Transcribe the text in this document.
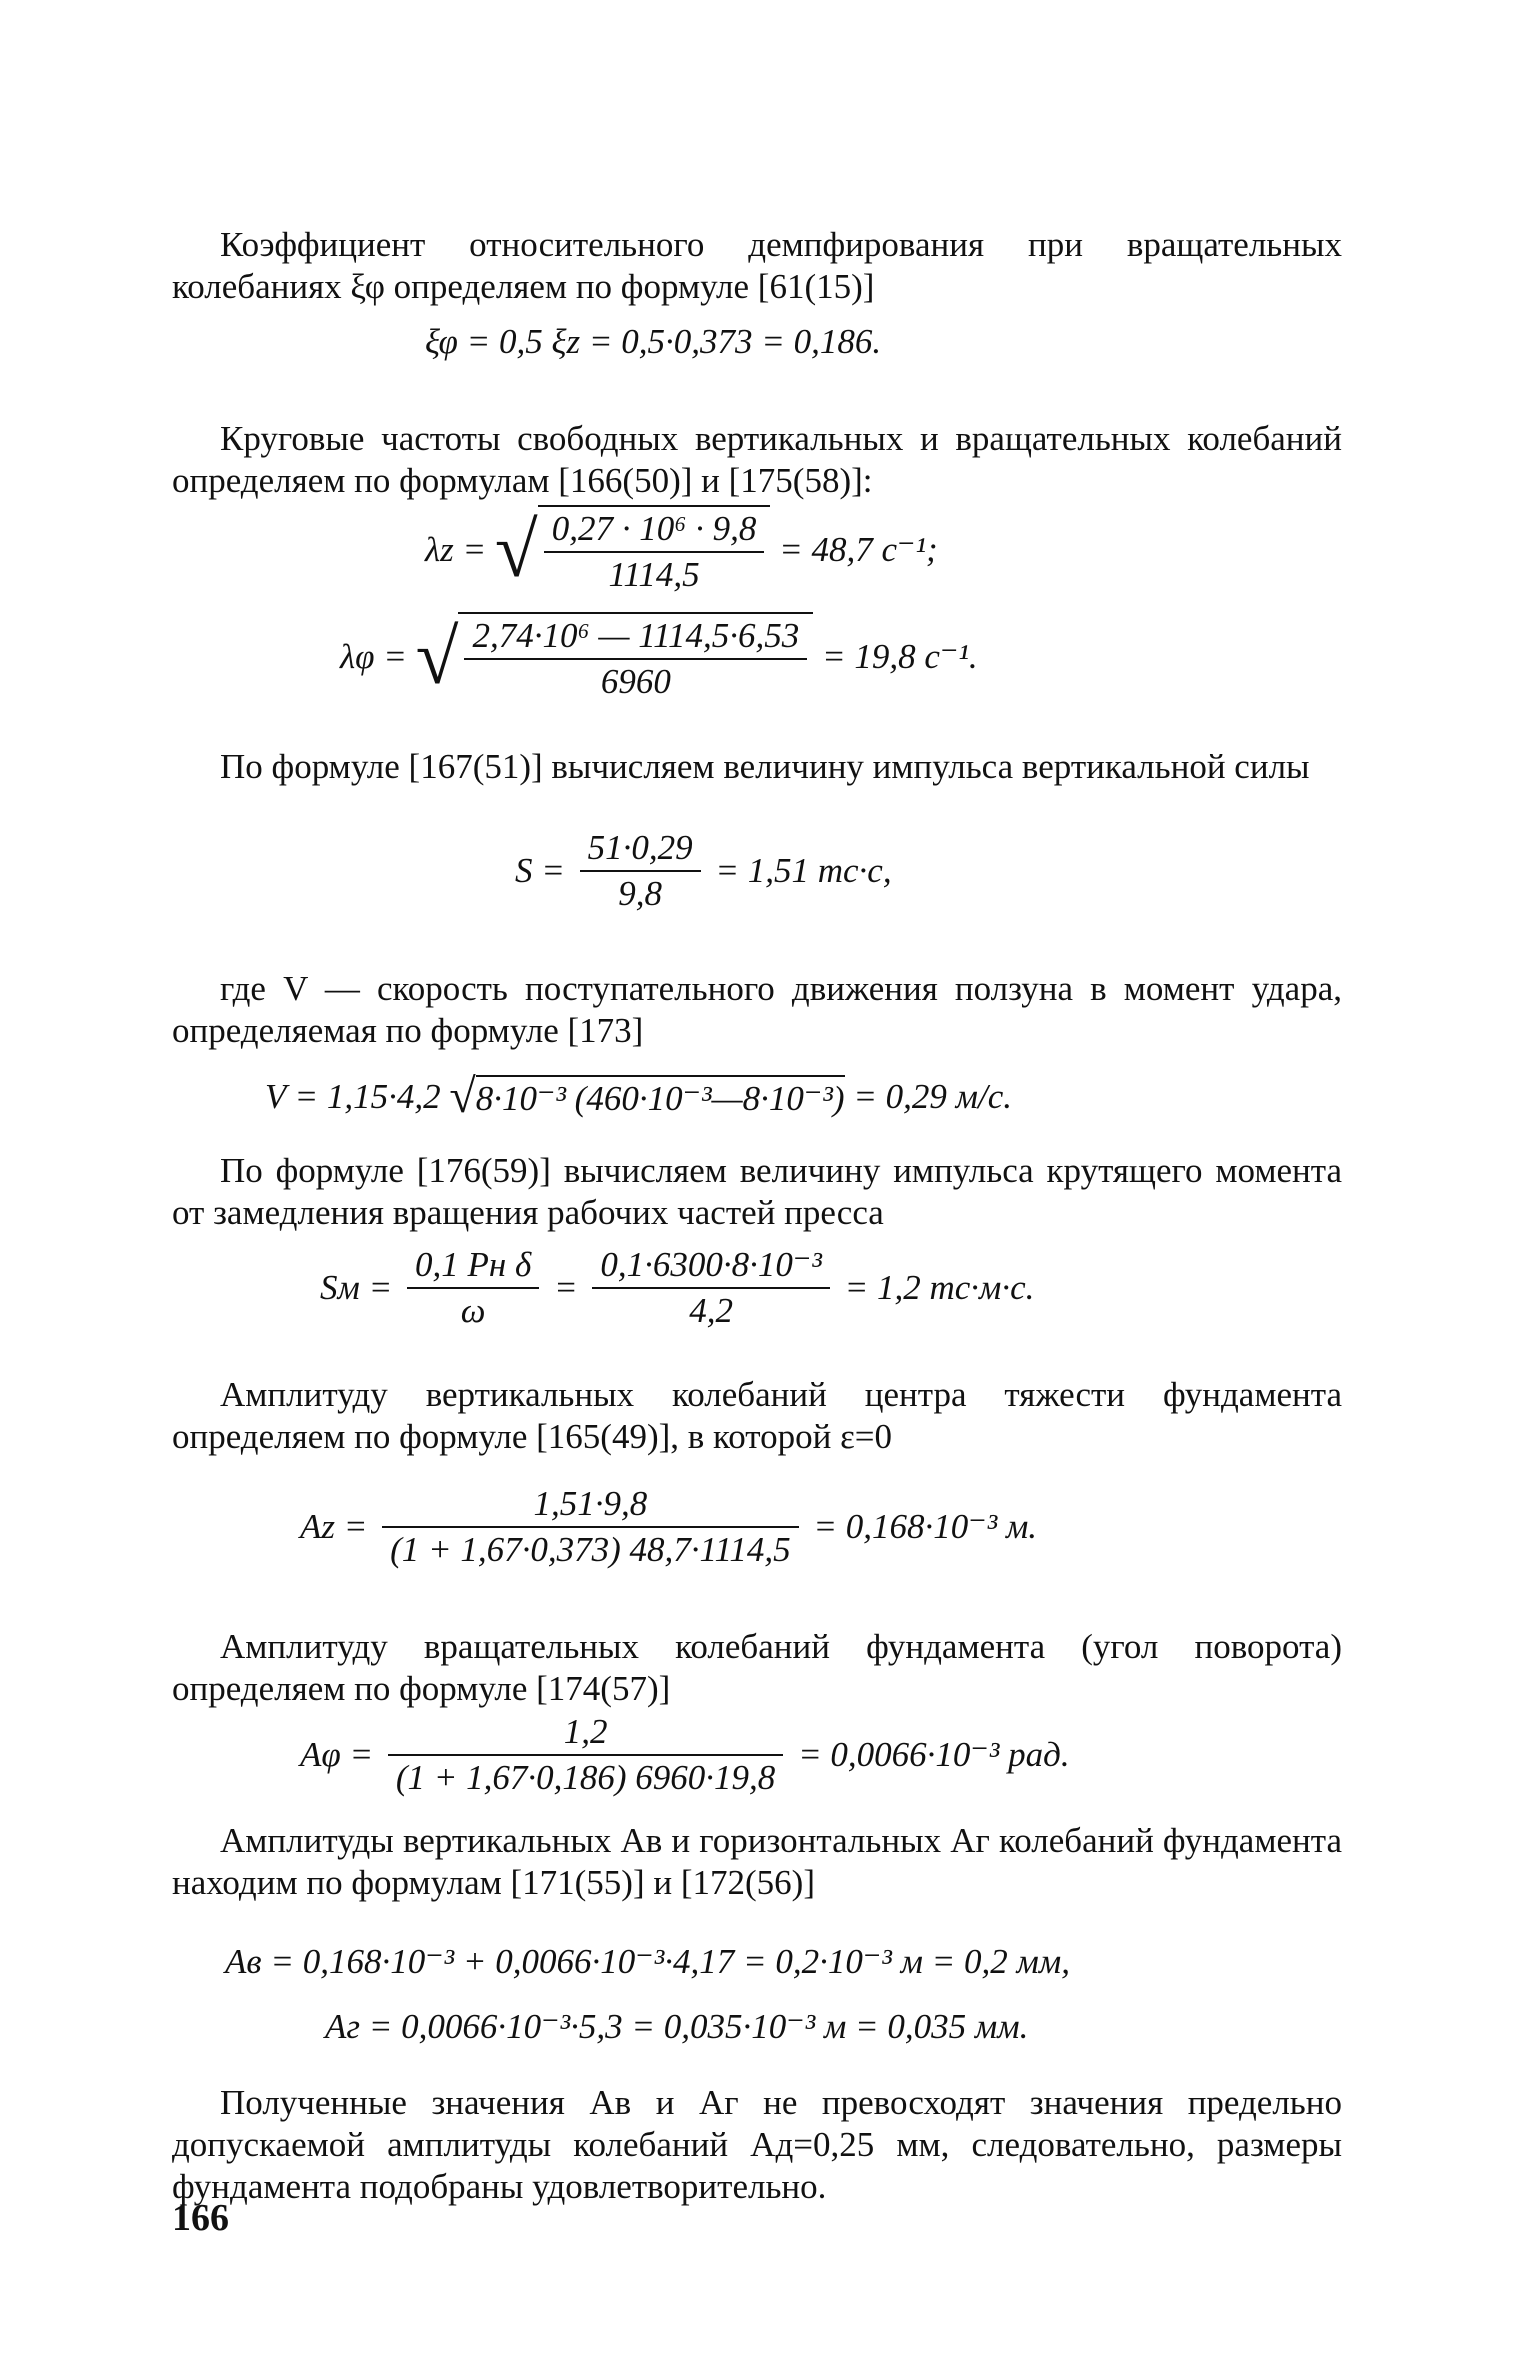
Коэффициент относительного демпфирования при вращательных колебаниях ξφ определяем по формуле [61(15)]
ξφ = 0,5 ξz = 0,5·0,373 = 0,186.
Круговые частоты свободных вертикальных и вращательных колебаний определяем по формулам [166(50)] и [175(58)]:
λz = √ $\frac{\text{0,27 · 10⁶ · 9,8}}{1114,5} = 48,7$ с⁻¹;
λφ = √ $\frac{\text{2,74·10⁶ — 1114,5·6,53}}{6960} = 19,8$ с⁻¹.
По формуле [167(51)] вычисляем величину импульса вертикальной силы
$S = \frac{51\cdot 0,29}{9,8} = 1,51$ тс·с,
где V — скорость поступательного движения ползуна в момент удара, определяемая по формуле [173]
V = 1,15·4,2 √8·10⁻³ (460·10⁻³—8·10⁻³) = 0,29 м/с.
По формуле [176(59)] вычисляем величину импульса крутящего момента от замедления вращения рабочих частей пресса
Sм = $\frac{\text{0,1 Pн δ}}{\omega} = \frac{\text{0,1·6300·8·10⁻³}}{4,2} = 1,2$ тс·м·с.
Амплитуду вертикальных колебаний центра тяжести фундамента определяем по формуле [165(49)], в которой ε=0
$Az = \frac{1,51\cdot 9,8}{(1 + 1,67\cdot 0,373) 48,7\cdot 1114,5} = 0,168\cdot 10^{-3}$ м.
Амплитуду вращательных колебаний фундамента (угол поворота) определяем по формуле [174(57)]
$A\varphi = \frac{1,2}{(1 + 1,67\cdot 0,186) 6960\cdot 19,8} = 0,0066\cdot 10^{-3}$ рад.
Амплитуды вертикальных Aв и горизонтальных Aг колебаний фундамента находим по формулам [171(55)] и [172(56)]
Aв = 0,168·10⁻³ + 0,0066·10⁻³·4,17 = 0,2·10⁻³ м = 0,2 мм,
Aг = 0,0066·10⁻³·5,3 = 0,035·10⁻³ м = 0,035 мм.
Полученные значения Aв и Aг не превосходят значения предельно допускаемой амплитуды колебаний Aд=0,25 мм, следовательно, размеры фундамента подобраны удовлетворительно.
166
